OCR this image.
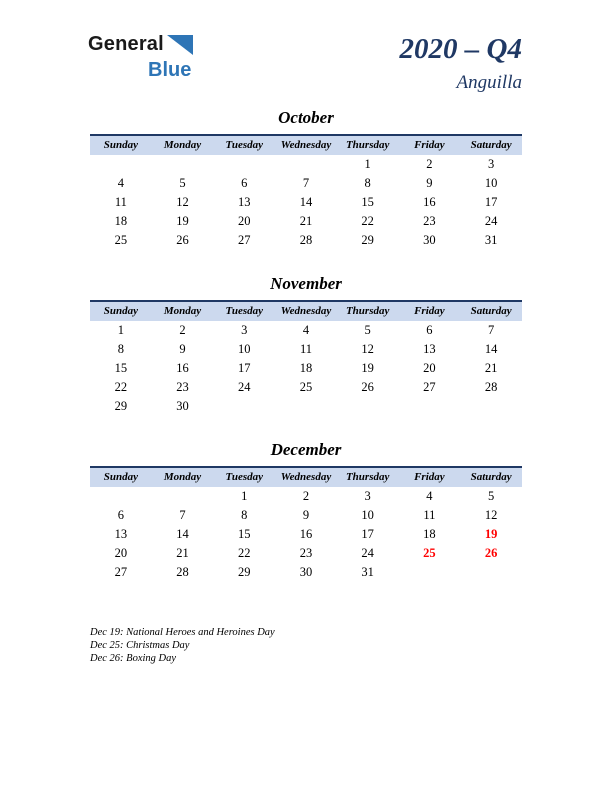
General
Blue
2020 – Q4
Anguilla
October
Sunday	Monday	Tuesday	Wednesday	Thursday	Friday	Saturday
				1	2	3
4	5	6	7	8	9	10
11	12	13	14	15	16	17
18	19	20	21	22	23	24
25	26	27	28	29	30	31
November
Sunday	Monday	Tuesday	Wednesday	Thursday	Friday	Saturday
1	2	3	4	5	6	7
8	9	10	11	12	13	14
15	16	17	18	19	20	21
22	23	24	25	26	27	28
29	30					
December
Sunday	Monday	Tuesday	Wednesday	Thursday	Friday	Saturday
		1	2	3	4	5
6	7	8	9	10	11	12
13	14	15	16	17	18	19
20	21	22	23	24	25	26
27	28	29	30	31		
Dec 19: National Heroes and Heroines Day
Dec 25: Christmas Day
Dec 26: Boxing Day
